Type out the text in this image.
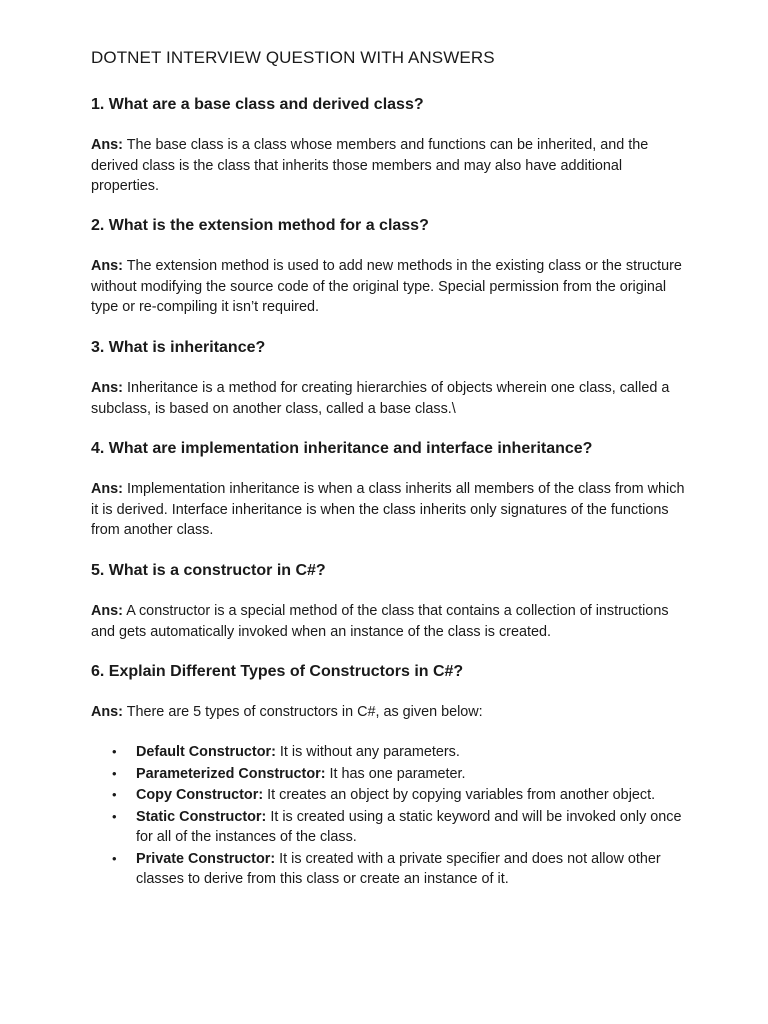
DOTNET INTERVIEW QUESTION WITH ANSWERS

1. What are a base class and derived class?

Ans: The base class is a class whose members and functions can be inherited, and the derived class is the class that inherits those members and may also have additional properties.

2. What is the extension method for a class?

Ans: The extension method is used to add new methods in the existing class or the structure without modifying the source code of the original type. Special permission from the original type or re-compiling it isn’t required.

3. What is inheritance?

Ans: Inheritance is a method for creating hierarchies of objects wherein one class, called a subclass, is based on another class, called a base class.\

4. What are implementation inheritance and interface inheritance?

Ans: Implementation inheritance is when a class inherits all members of the class from which it is derived. Interface inheritance is when the class inherits only signatures of the functions from another class.

5. What is a constructor in C#?

Ans: A constructor is a special method of the class that contains a collection of instructions and gets automatically invoked when an instance of the class is created.

6. Explain Different Types of Constructors in C#?

Ans: There are 5 types of constructors in C#, as given below:

• Default Constructor: It is without any parameters.
• Parameterized Constructor: It has one parameter.
• Copy Constructor: It creates an object by copying variables from another object.
• Static Constructor: It is created using a static keyword and will be invoked only once for all of the instances of the class.
• Private Constructor: It is created with a private specifier and does not allow other classes to derive from this class or create an instance of it.
